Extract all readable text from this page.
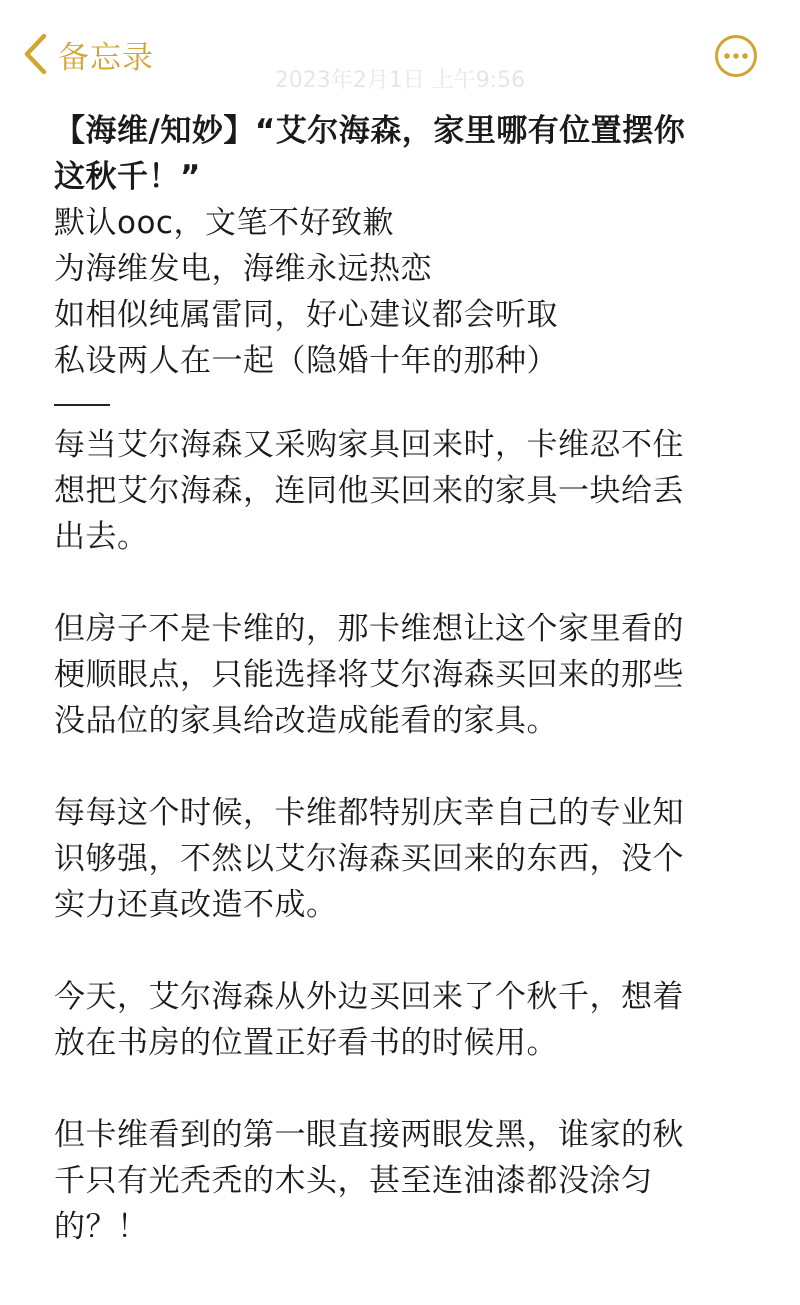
备忘录
2023年2月1日 上午9:56

【海维/知妙】“艾尔海森，家里哪有位置摆你

这秋千！”

默认ooc，文笔不好致歉

为海维发电，海维永远热恋

如相似纯属雷同，好心建议都会听取

私设两人在一起（隐婚十年的那种）

每当艾尔海森又采购家具回来时，卡维忍不住

想把艾尔海森，连同他买回来的家具一块给丢

出去。

但房子不是卡维的，那卡维想让这个家里看的

梗顺眼点，只能选择将艾尔海森买回来的那些

没品位的家具给改造成能看的家具。

每每这个时候，卡维都特别庆幸自己的专业知

识够强，不然以艾尔海森买回来的东西，没个

实力还真改造不成。

今天，艾尔海森从外边买回来了个秋千，想着

放在书房的位置正好看书的时候用。

但卡维看到的第一眼直接两眼发黑，谁家的秋

千只有光秃秃的木头，甚至连油漆都没涂匀

的？！
